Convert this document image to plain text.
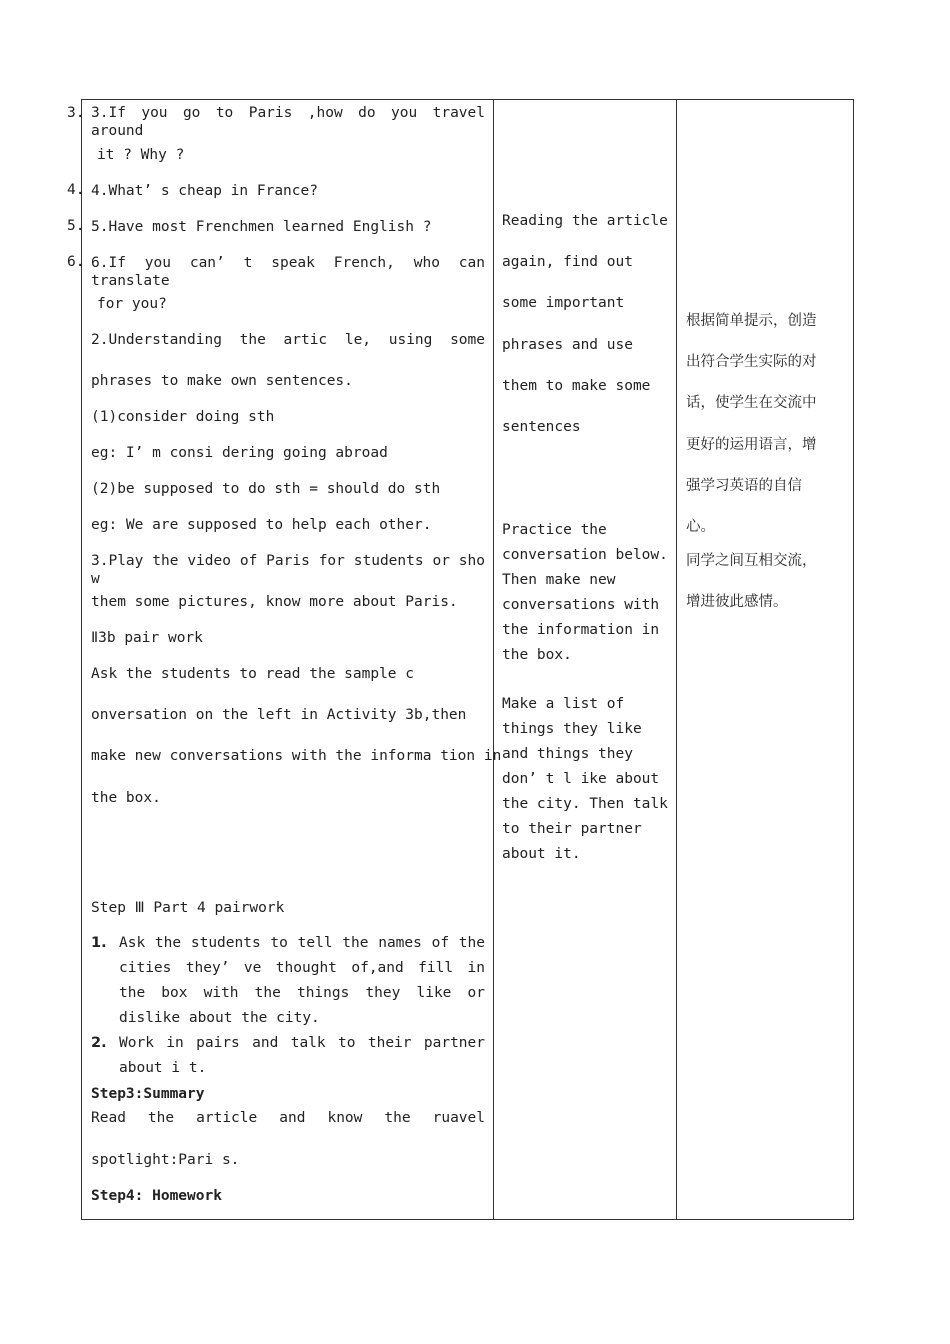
3.
4.
5.
6.
3.If you go to Paris ,how do you travel around
it ? Why ?
4.What’ s cheap in France?
5.Have most Frenchmen learned English ?
6.If you can’ t speak French, who can translate
for you?
2.Understanding the artic le, using some
phrases to make own sentences.
(1)consider doing sth
eg: I’ m consi dering going abroad
(2)be supposed to do sth = should do sth
eg: We are supposed to help each other.
3.Play the video of Paris for students or sho w
them some pictures, know more about Paris.
Ⅱ3b pair work
Ask the students to read the sample c
onversation on the left in Activity 3b,then
make new conversations with the informa tion in
the box.
Step Ⅲ Part 4 pairwork
1. Ask the students to tell the names of the cities they’ ve thought of,and fill in the box with the things they like or dislike about the city.
2. Work in pairs and talk to their partner about i t.
Step3:Summary
Read the article and know the ruavel
spotlight:Pari s.
Step4: Homework

Reading the article
again, find out
some important
phrases and use
them to make some
sentences
Practice the
conversation below.
Then make new
conversations with
the information in
the box.
Make a list of
things they like
and things they
don’ t l ike about
the city. Then talk
to their partner
about it.

根据简单提示，创造
出符合学生实际的对
话，使学生在交流中
更好的运用语言，增
强学习英语的自信
心。
同学之间互相交流，
增进彼此感情。
